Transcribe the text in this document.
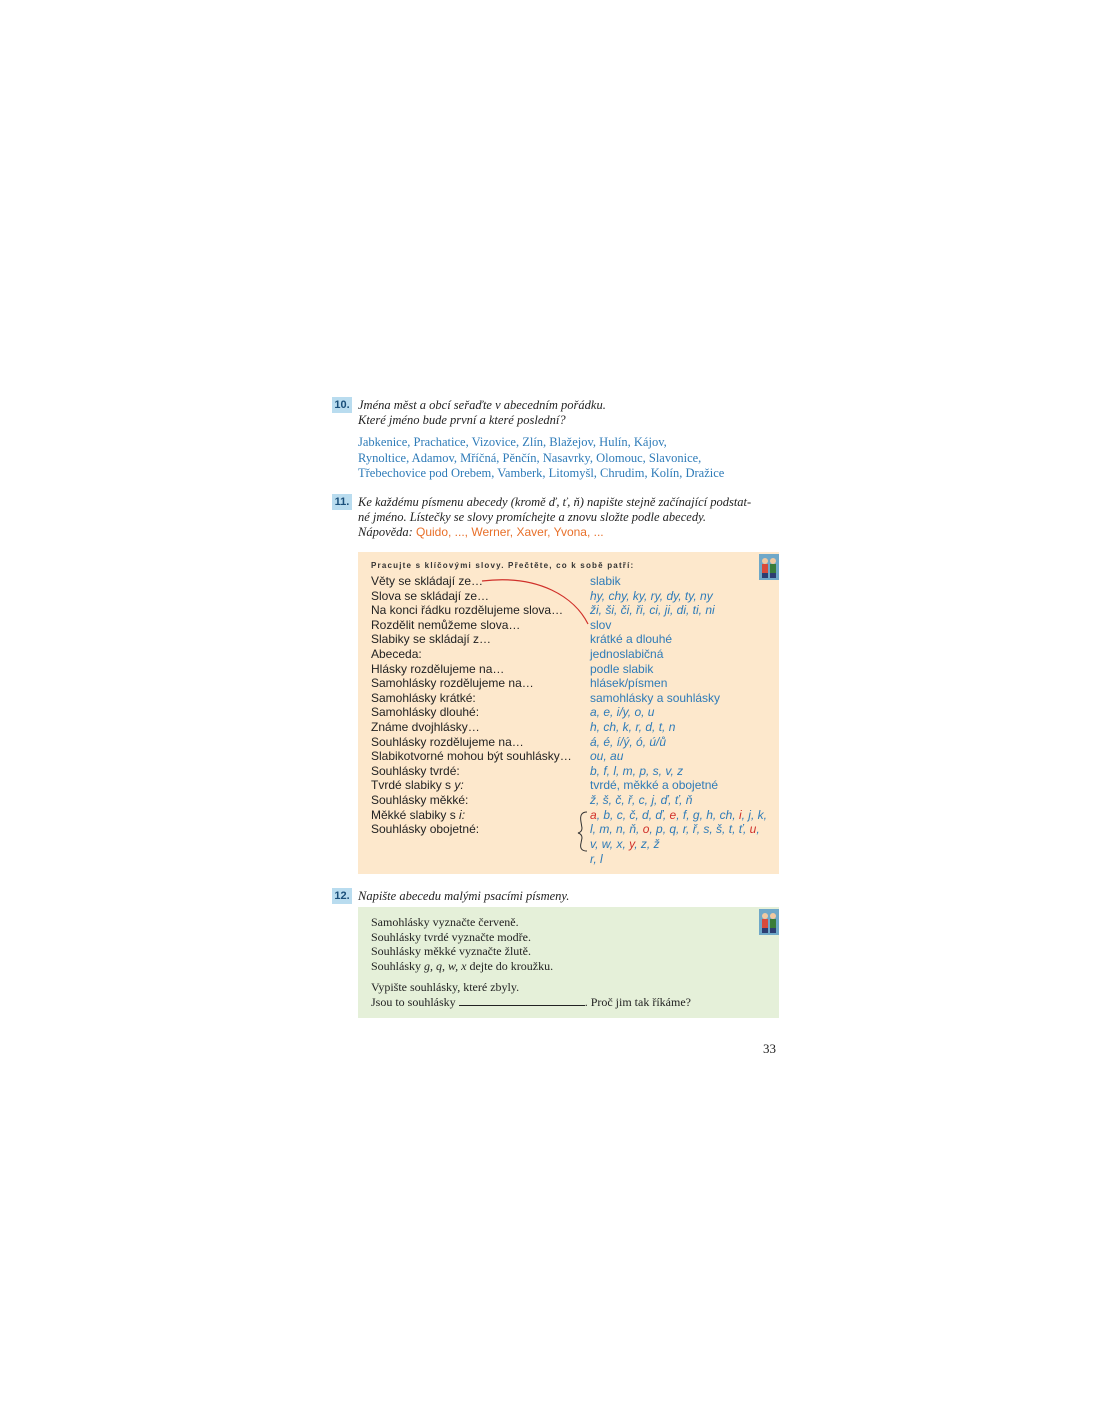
10. Jména měst a obcí seřaďte v abecedním pořádku.
Které jméno bude první a které poslední?
Jabkenice, Prachatice, Vizovice, Zlín, Blažejov, Hulín, Kájov,
Rynoltice, Adamov, Mříčná, Pěnčín, Nasavrky, Olomouc, Slavonice,
Třebechovice pod Orebem, Vamberk, Litomyšl, Chrudim, Kolín, Dražice
11. Ke každému písmenu abecedy (kromě ď, ť, ň) napište stejně začínající podstat-
né jméno. Lístečky se slovy promíchejte a znovu složte podle abecedy.
Nápověda: Quido, ..., Werner, Xaver, Yvona, ...
Pracujte s klíčovými slovy. Přečtěte, co k sobě patří:
Věty se skládají ze…
Slova se skládají ze…
Na konci řádku rozdělujeme slova…
Rozdělit nemůžeme slova…
Slabiky se skládají z…
Abeceda:
Hlásky rozdělujeme na…
Samohlásky rozdělujeme na…
Samohlásky krátké:
Samohlásky dlouhé:
Známe dvojhlásky…
Souhlásky rozdělujeme na…
Slabikotvorné mohou být souhlásky…
Souhlásky tvrdé:
Tvrdé slabiky s y:
Souhlásky měkké:
Měkké slabiky s i:
Souhlásky obojetné:
slabik
hy, chy, ky, ry, dy, ty, ny
ži, ši, či, ři, ci, ji, di, ti, ni
slov
krátké a dlouhé
jednoslabičná
podle slabik
hlásek/písmen
samohlásky a souhlásky
a, e, i/y, o, u
h, ch, k, r, d, t, n
á, é, í/ý, ó, ú/ů
ou, au
b, f, l, m, p, s, v, z
tvrdé, měkké a obojetné
ž, š, č, ř, c, j, ď, ť, ň
a, b, c, č, d, ď, e, f, g, h, ch, i, j, k,
l, m, n, ň, o, p, q, r, ř, s, š, t, ť, u,
v, w, x, y, z, ž
r, l
12. Napište abecedu malými psacími písmeny.
Samohlásky vyznačte červeně.
Souhlásky tvrdé vyznačte modře.
Souhlásky měkké vyznačte žlutě.
Souhlásky g, q, w, x dejte do kroužku.
Vypište souhlásky, které zbyly.
Jsou to souhlásky	. Proč jim tak říkáme?
33
